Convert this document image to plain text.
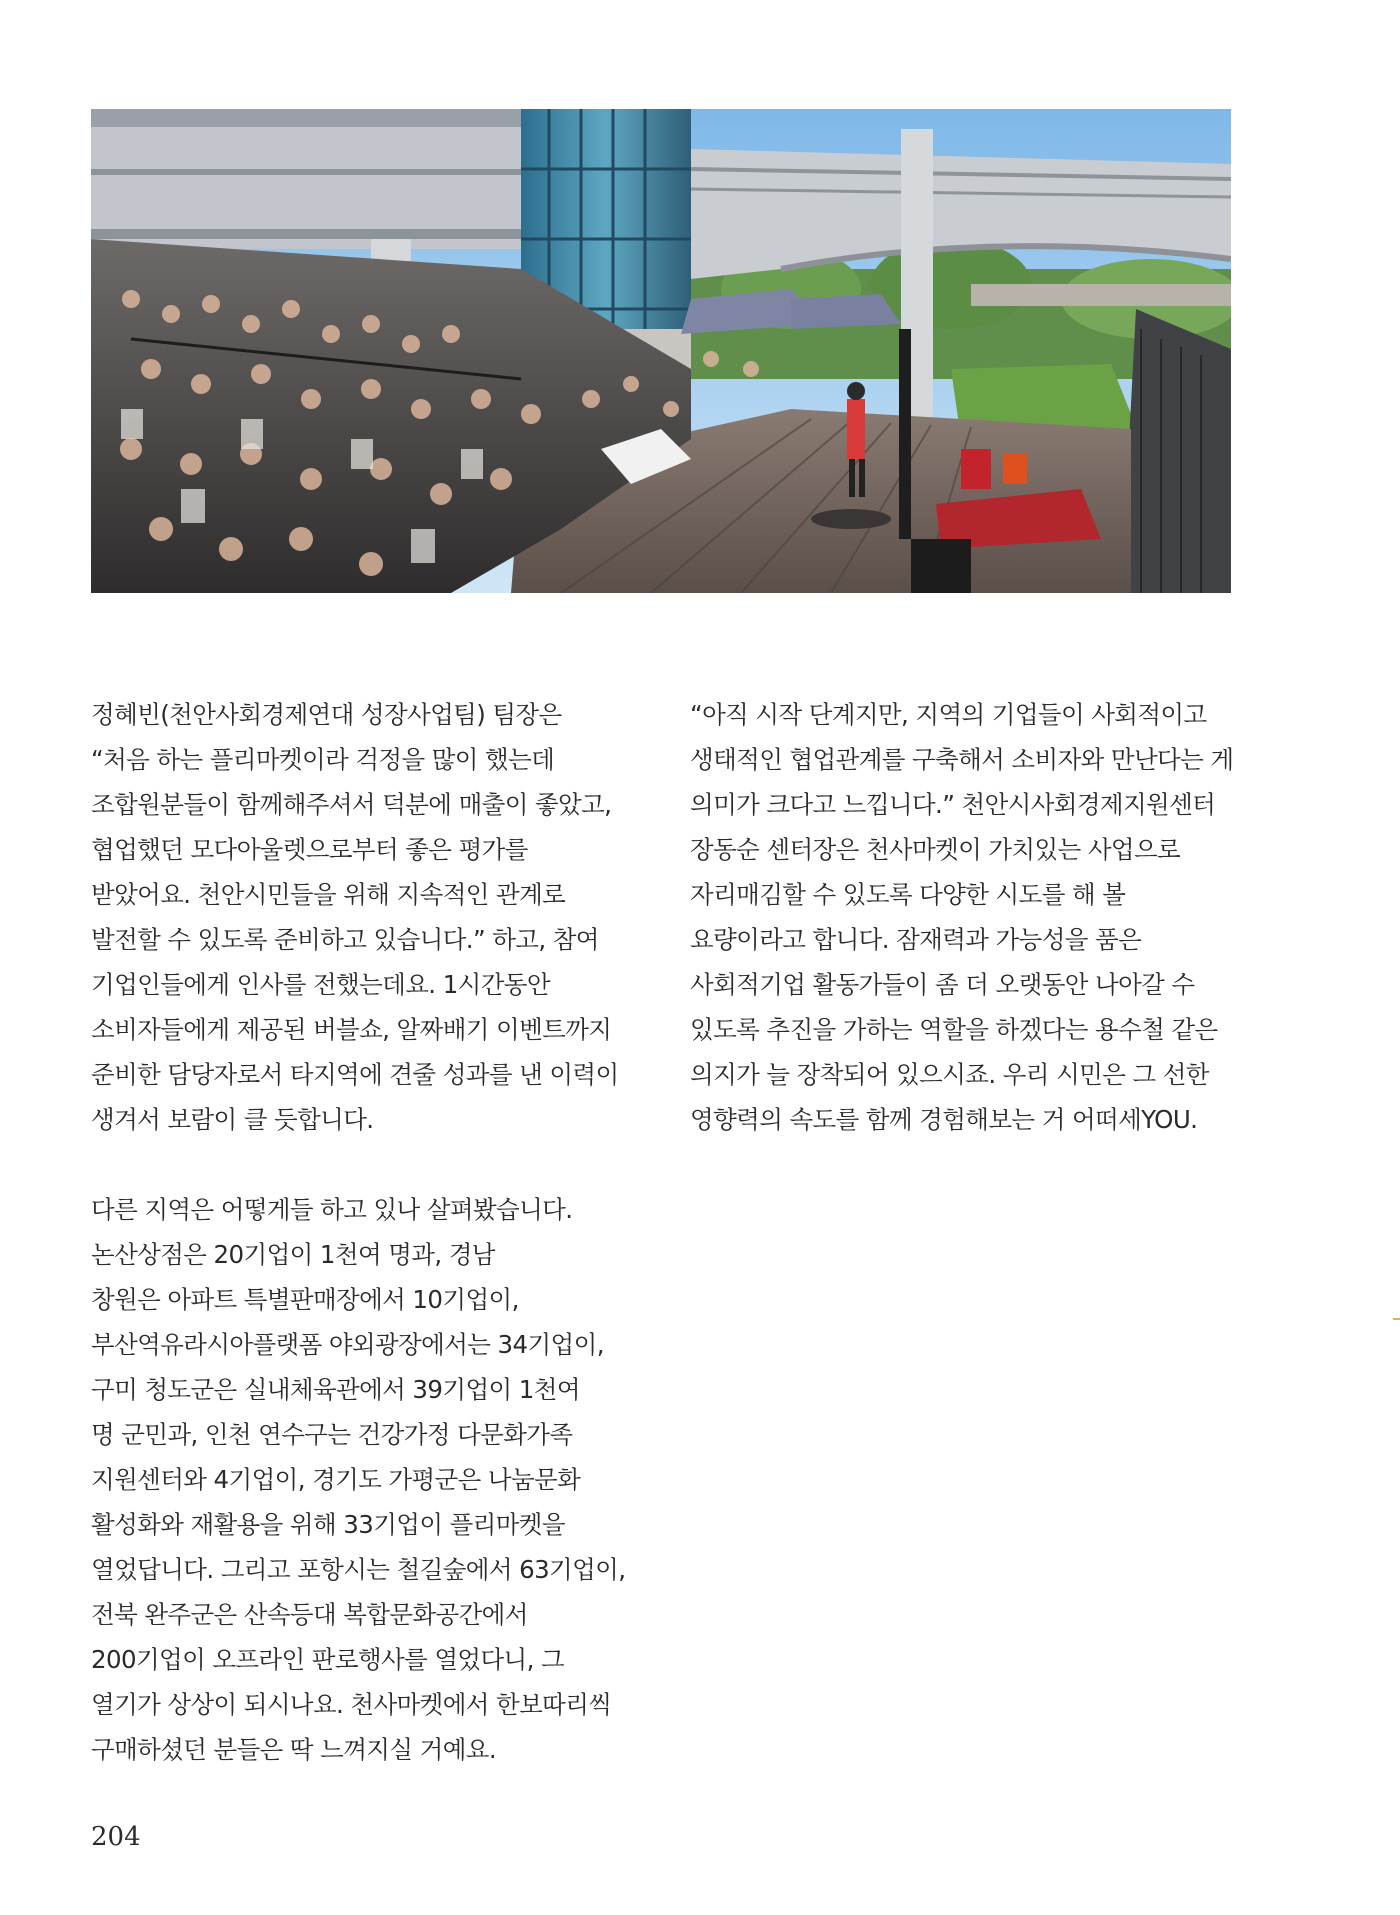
정혜빈(천안사회경제연대 성장사업팀) 팀장은
“처음 하는 플리마켓이라 걱정을 많이 했는데
조합원분들이 함께해주셔서 덕분에 매출이 좋았고,
협업했던 모다아울렛으로부터 좋은 평가를
받았어요. 천안시민들을 위해 지속적인 관계로
발전할 수 있도록 준비하고 있습니다.” 하고, 참여
기업인들에게 인사를 전했는데요. 1시간동안
소비자들에게 제공된 버블쇼, 알짜배기 이벤트까지
준비한 담당자로서 타지역에 견줄 성과를 낸 이력이
생겨서 보람이 클 듯합니다.

다른 지역은 어떻게들 하고 있나 살펴봤습니다.
논산상점은 20기업이 1천여 명과, 경남
창원은 아파트 특별판매장에서 10기업이,
부산역유라시아플랫폼 야외광장에서는 34기업이,
구미 청도군은 실내체육관에서 39기업이 1천여
명 군민과, 인천 연수구는 건강가정 다문화가족
지원센터와 4기업이, 경기도 가평군은 나눔문화
활성화와 재활용을 위해 33기업이 플리마켓을
열었답니다. 그리고 포항시는 철길숲에서 63기업이,
전북 완주군은 산속등대 복합문화공간에서
200기업이 오프라인 판로행사를 열었다니, 그
열기가 상상이 되시나요. 천사마켓에서 한보따리씩
구매하셨던 분들은 딱 느껴지실 거예요.

“아직 시작 단계지만, 지역의 기업들이 사회적이고
생태적인 협업관계를 구축해서 소비자와 만난다는 게
의미가 크다고 느낍니다.” 천안시사회경제지원센터
장동순 센터장은 천사마켓이 가치있는 사업으로
자리매김할 수 있도록 다양한 시도를 해 볼
요량이라고 합니다. 잠재력과 가능성을 품은
사회적기업 활동가들이 좀 더 오랫동안 나아갈 수
있도록 추진을 가하는 역할을 하겠다는 용수철 같은
의지가 늘 장착되어 있으시죠. 우리 시민은 그 선한
영향력의 속도를 함께 경험해보는 거 어떠세YOU.

204
